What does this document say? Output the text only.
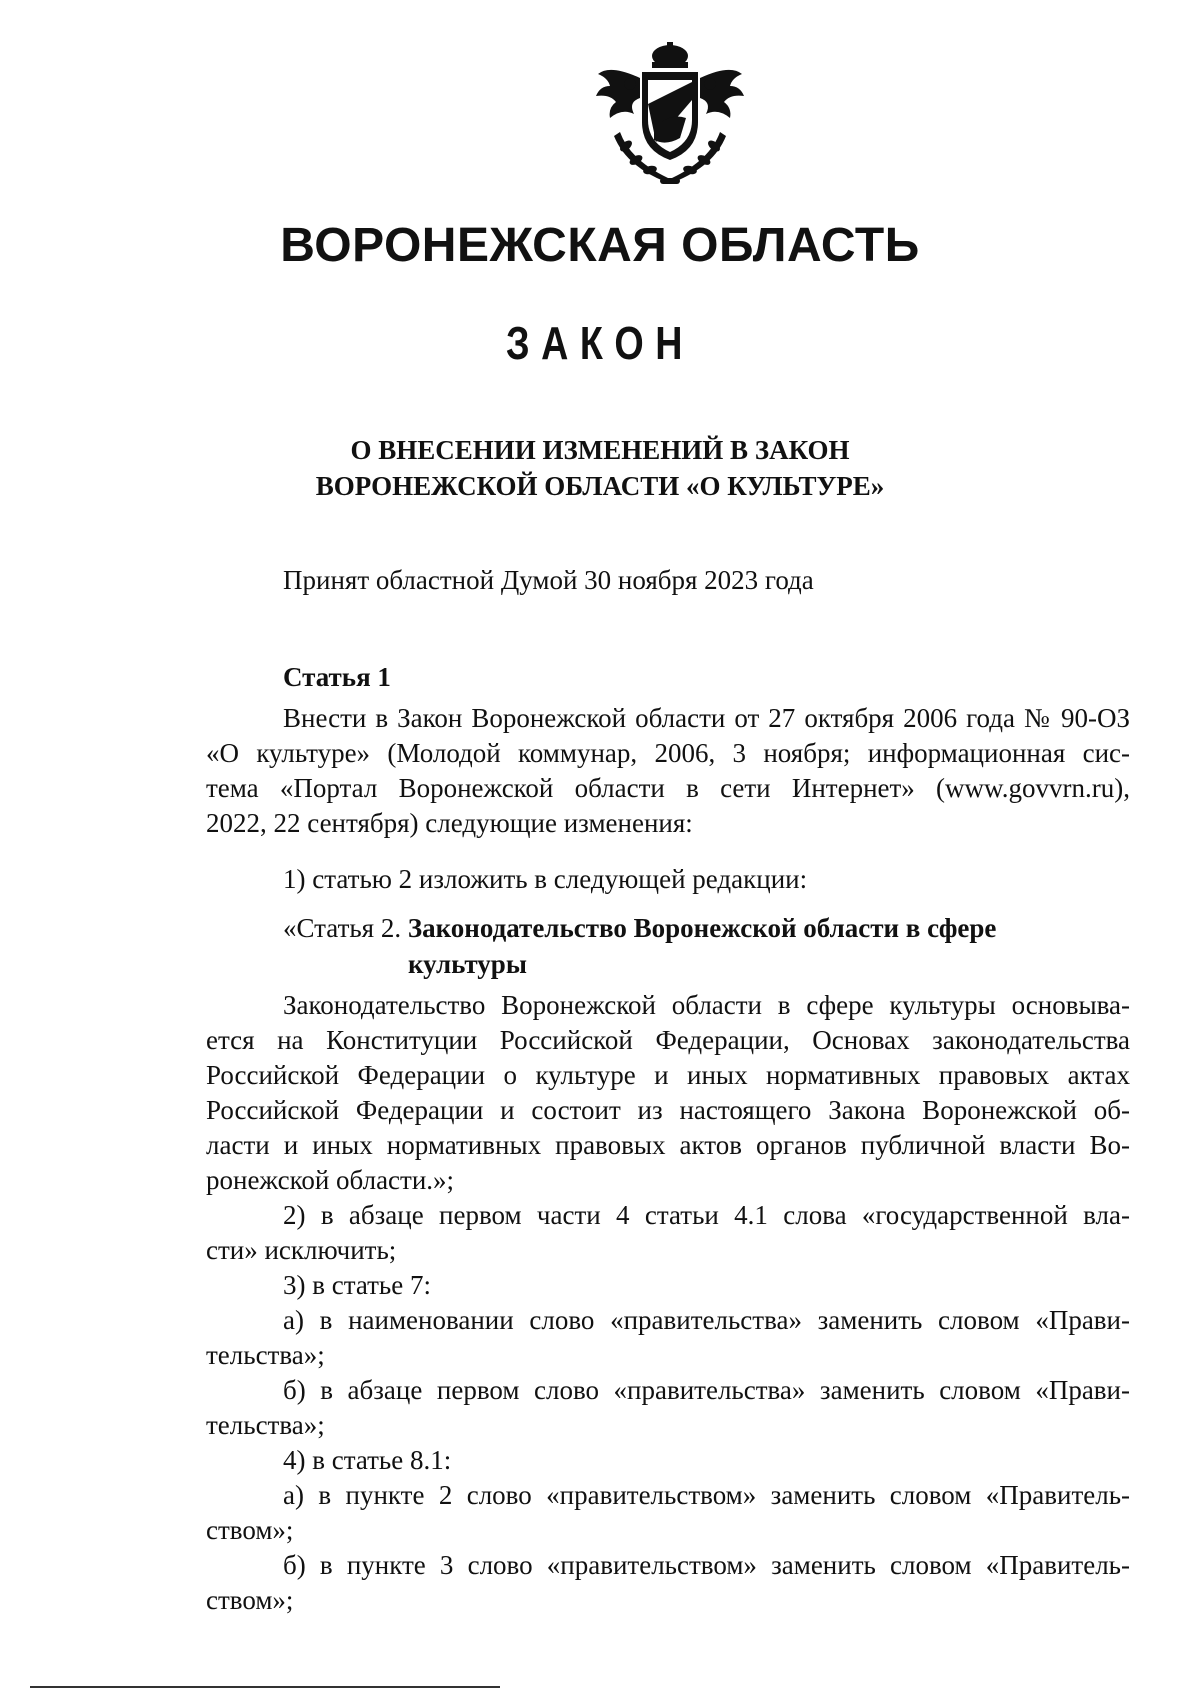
ВОРОНЕЖСКАЯ ОБЛАСТЬ
ЗАКОН
О ВНЕСЕНИИ ИЗМЕНЕНИЙ В ЗАКОН
ВОРОНЕЖСКОЙ ОБЛАСТИ «О КУЛЬТУРЕ»
Принят областной Думой 30 ноября 2023 года
Статья 1
Внести в Закон Воронежской области от 27 октября 2006 года № 90-ОЗ
«О культуре» (Молодой коммунар, 2006, 3 ноября; информационная сис-
тема «Портал Воронежской области в сети Интернет» (www.govvrn.ru),
2022, 22 сентября) следующие изменения:
1) статью 2 изложить в следующей редакции:
«Статья 2. Законодательство Воронежской области в сфере
культуры
Законодательство Воронежской области в сфере культуры основыва-
ется на Конституции Российской Федерации, Основах законодательства
Российской Федерации о культуре и иных нормативных правовых актах
Российской Федерации и состоит из настоящего Закона Воронежской об-
ласти и иных нормативных правовых актов органов публичной власти Во-
ронежской области.»;
2) в абзаце первом части 4 статьи 4.1 слова «государственной вла-
сти» исключить;
3) в статье 7:
а) в наименовании слово «правительства» заменить словом «Прави-
тельства»;
б) в абзаце первом слово «правительства» заменить словом «Прави-
тельства»;
4) в статье 8.1:
а) в пункте 2 слово «правительством» заменить словом «Правитель-
ством»;
б) в пункте 3 слово «правительством» заменить словом «Правитель-
ством»;
